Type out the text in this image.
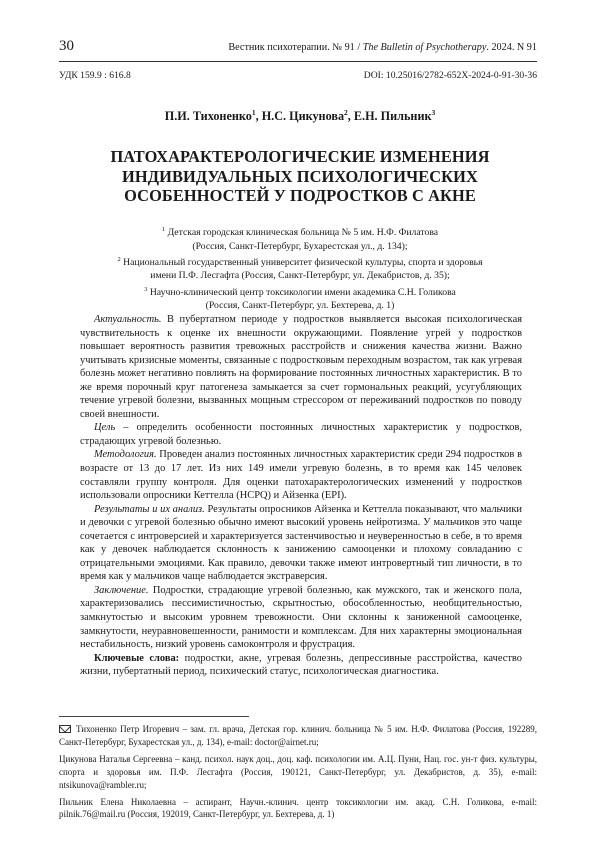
30	Вестник психотерапии. № 91 / The Bulletin of Psychotherapy. 2024. N 91
УДК 159.9 : 616.8	DOI: 10.25016/2782-652X-2024-0-91-30-36
П.И. Тихоненко$^1$, Н.С. Цикунова$^2$, Е.Н. Пильник$^3$
ПАТОХАРАКТЕРОЛОГИЧЕСКИЕ ИЗМЕНЕНИЯ
ИНДИВИДУАЛЬНЫХ ПСИХОЛОГИЧЕСКИХ
ОСОБЕННОСТЕЙ У ПОДРОСТКОВ С АКНЕ
$^1$ Детская городская клиническая больница № 5 им. Н.Ф. Филатова
(Россия, Санкт-Петербург, Бухарестская ул., д. 134);
$^2$ Национальный государственный университет физической культуры, спорта и здоровья
имени П.Ф. Лесгафта (Россия, Санкт-Петербург, ул. Декабристов, д. 35);
$^3$ Научно-клинический центр токсикологии имени академика С.Н. Голикова
(Россия, Санкт-Петербург, ул. Бехтерева, д. 1)

Актуальность. В пубертатном периоде у подростков выявляется высокая психологическая чувствительность к оценке их внешности окружающими. Появление угрей у подростков повышает вероятность развития тревожных расстройств и снижения качества жизни. Важно учитывать кризисные моменты, связанные с подростковым переходным возрастом, так как угревая болезнь может негативно повлиять на формирование постоянных личностных характеристик. В то же время порочный круг патогенеза замыкается за счет гормональных реакций, усугубляющих течение угревой болезни, вызванных мощным стрессором от переживаний подростков по поводу своей внешности.

Цель – определить особенности постоянных личностных характеристик у подростков, страдающих угревой болезнью.

Методология. Проведен анализ постоянных личностных характеристик среди 294 подростков в возрасте от 13 до 17 лет. Из них 149 имели угревую болезнь, в то время как 145 человек составляли группу контроля. Для оценки патохарактерологических изменений у подростков использовали опросники Кеттелла (HCPQ) и Айзенка (EPI).

Результаты и их анализ. Результаты опросников Айзенка и Кеттелла показывают, что мальчики и девочки с угревой болезнью обычно имеют высокий уровень нейротизма. У мальчиков это чаще сочетается с интроверсией и характеризуется застенчивостью и неуверенностью в себе, в то время как у девочек наблюдается склонность к занижению самооценки и плохому совладанию с отрицательными эмоциями. Как правило, девочки также имеют интровертный тип личности, в то время как у мальчиков чаще наблюдается экстраверсия.

Заключение. Подростки, страдающие угревой болезнью, как мужского, так и женского пола, характеризовались пессимистичностью, скрытностью, обособленностью, необщительностью, замкнутостью и высоким уровнем тревожности. Они склонны к заниженной самооценке, замкнутости, неуравновешенности, ранимости и комплексам. Для них характерны эмоциональная нестабильность, низкий уровень самоконтроля и фрустрация.

Ключевые слова: подростки, акне, угревая болезнь, депрессивные расстройства, качество жизни, пубертатный период, психический статус, психологическая диагностика.

Тихоненко Петр Игоревич – зам. гл. врача, Детская гор. клинич. больница № 5 им. Н.Ф. Филатова (Россия, 192289, Санкт-Петербург, Бухарестская ул., д. 134), e-mail: doctor@airnet.ru;

Цикунова Наталья Сергеевна – канд. психол. наук доц., доц. каф. психологии им. А.Ц. Пуни, Нац. гос. ун-т физ. культуры, спорта и здоровья им. П.Ф. Лесгафта (Россия, 190121, Санкт-Петербург, ул. Декабристов, д. 35), e-mail: ntsikunova@rambler.ru;

Пильник Елена Николаевна – аспирант, Научн.-клинич. центр токсикологии им. акад. С.Н. Голикова, e-mail: pilnik.76@mail.ru (Россия, 192019, Санкт-Петербург, ул. Бехтерева, д. 1)
